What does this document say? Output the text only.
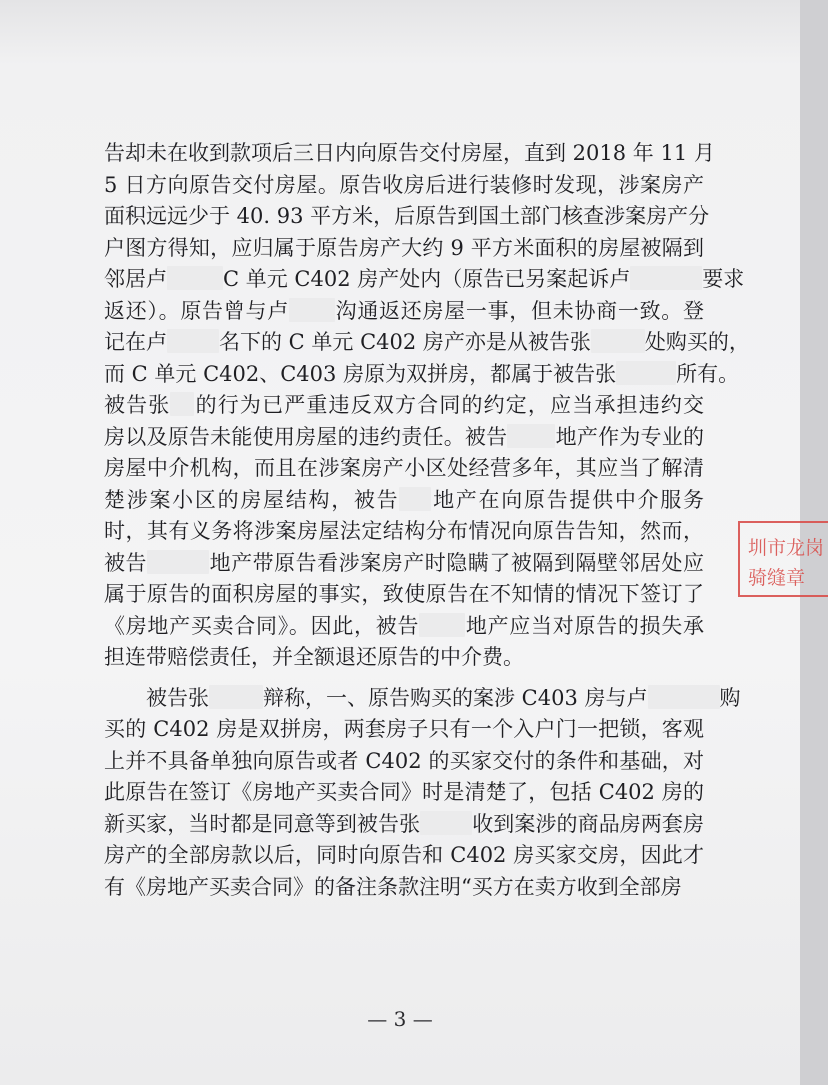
告却未在收到款项后三日内向原告交付房屋，直到 2018 年 11 月
5 日方向原告交付房屋。原告收房后进行装修时发现，涉案房产
面积远远少于 40. 93 平方米，后原告到国土部门核查涉案房产分
户图方得知，应归属于原告房产大约 9 平方米面积的房屋被隔到
邻居卢	C 单元 C402 房产处内（原告已另案起诉卢	要求
返还）。原告曾与卢 沟通返还房屋一事，但未协商一致。登
记在卢 名下的 C 单元 C402 房产亦是从被告张	处购买的，
而 C 单元 C402、C403 房原为双拼房，都属于被告张	所有。
被告张 的行为已严重违反双方合同的约定，应当承担违约交
房以及原告未能使用房屋的违约责任。被告 地产作为专业的
房屋中介机构，而且在涉案房产小区处经营多年，其应当了解清
楚涉案小区的房屋结构，被告 地产在向原告提供中介服务
时，其有义务将涉案房屋法定结构分布情况向原告告知，然而，
被告	地产带原告看涉案房产时隐瞒了被隔到隔壁邻居处应
属于原告的面积房屋的事实，致使原告在不知情的情况下签订了
《房地产买卖合同》。因此，被告 地产应当对原告的损失承
担连带赔偿责任，并全额退还原告的中介费。
　　被告张	辩称，一、原告购买的案涉 C403 房与卢	购
买的 C402 房是双拼房，两套房子只有一个入户门一把锁，客观
上并不具备单独向原告或者 C402 的买家交付的条件和基础，对
此原告在签订《房地产买卖合同》时是清楚了，包括 C402 房的
新买家，当时都是同意等到被告张 收到案涉的商品房两套房
房产的全部房款以后，同时向原告和 C402 房买家交房，因此才
有《房地产买卖合同》的备注条款注明“买方在卖方收到全部房
— 3 —
圳市龙岗
骑缝章
